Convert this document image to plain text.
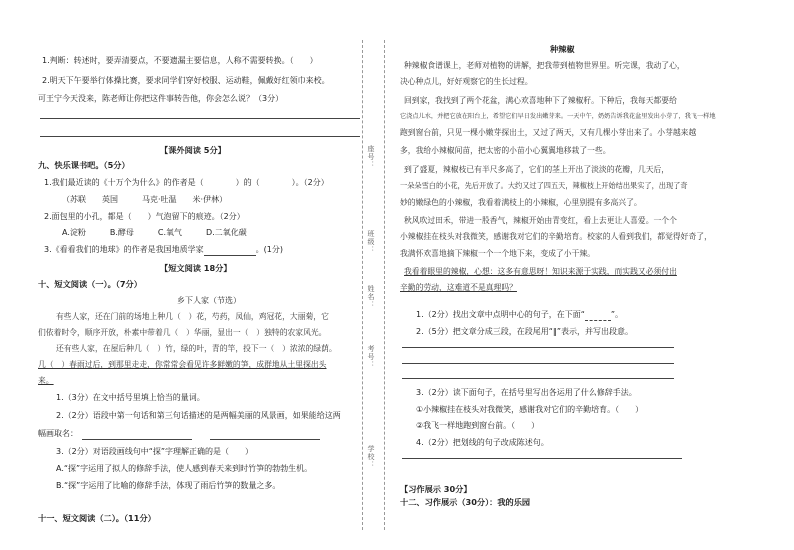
1.判断：转述时，要弄清要点，不要遗漏主要信息，人称不需要转换。（　　）
2.明天下午要举行体操比赛，要求同学们穿好校服、运动鞋，佩戴好红领巾来校。
可王宁今天没来，陈老师让你把这件事转告他，你会怎么说？（3分）
【课外阅读 5分】
九、快乐课书吧。（5分）
1.我们最近读的《十万个为什么》的作者是（　　　　）的（　　　　）。（2分）
（苏联　　英国　　　马克·吐温　　米·伊林）
2.面包里的小孔，都是（　　）气泡留下的痕迹。（2分）
A.淀粉　　　B.酵母　　　C.氧气　　　D.二氧化碳
3.《看看我们的地球》的作者是我国地质学家	。(1分)
【短文阅读 18分】
十、短文阅读（一）。（7分）
乡下人家（节选）
有些人家，还在门前的场地上种几（　）花，芍药，凤仙，鸡冠花，大丽菊，它
们依着时令，顺序开放，朴素中带着几（　）华丽，显出一（　）独特的农家风光。
还有些人家，在屋后种几（　）竹，绿的叶，青的竿，投下一（　）浓浓的绿荫。
几（　）春雨过后，到那里走走，你常常会看见许多鲜嫩的笋，成群地从土里探出头
来。
1.（3分）在文中括号里填上恰当的量词。
2.（2分）语段中第一句话和第三句话描述的是两幅美丽的风景画，如果能给这两
幅画取名：
3.（2分）对语段画线句中“探”字理解正确的是（　　）
A.“探”字运用了拟人的修辞手法，使人感到春天来到时竹笋的勃勃生机。
B.“探”字运用了比喻的修辞手法，体现了雨后竹笋的数量之多。
十一、短文阅读（二）。（11分）
座号：
班级：
姓名：
考号：
学校：
种辣椒
种辣椒食谱课上，老师对植物的讲解，把我带到植物世界里。听完课，我动了心，
决心种点儿，好好观察它的生长过程。
回到家，我找到了两个花盆，满心欢喜地种下了辣椒籽。下种后，我每天都要给
它浇点儿水，并把它放在阳台上，希望它们早日发出嫩芽来。一天中午，奶奶告诉我花盆里发出小芽了，我飞一样地
跑到窗台前，只见一棵小嫩芽探出土，又过了两天，又有几棵小芽出来了。小芽越来越
多，我给小辣椒间苗，把太密的小苗小心翼翼地移栽了一些。
到了盛夏，辣椒枝已有半尺多高了，它们的茎上开出了淡淡的花瓣，几天后，
一朵朵雪白的小花，先后开放了。大约又过了四五天，辣椒枝上开始结出果实了，出现了奇
妙的嫩绿色的小辣椒，我看着满枝上的小辣椒，心里别提有多高兴了。
秋风吹过田禾，带进一股香气，辣椒开始由青变红，看上去更让人喜爱。一个个
小辣椒挂在枝头对我微笑，感谢我对它们的辛勤培育。校家的人看到我们，都觉得好奇了，
我满怀欢喜地摘下辣椒一个一个地下来，变成了小干辣。
我看着眼里的辣椒，心想：这多有意思呀！知识来源于实践，而实践又必须付出
辛勤的劳动，这难道不是真理吗？
1.（2分）找出文章中点明中心的句子，在下面“	”。
2.（5分）把文章分成三段，在段尾用“‖”表示，并写出段意。
3.（2分）读下面句子，在括号里写出各运用了什么修辞手法。
①小辣椒挂在枝头对我微笑，感谢我对它们的辛勤培育。（　　）
②我飞一样地跑到窗台前。（　　）
4.（2分）把划线的句子改成陈述句。
【习作展示 30分】
十二、习作展示（30分）：我的乐园
